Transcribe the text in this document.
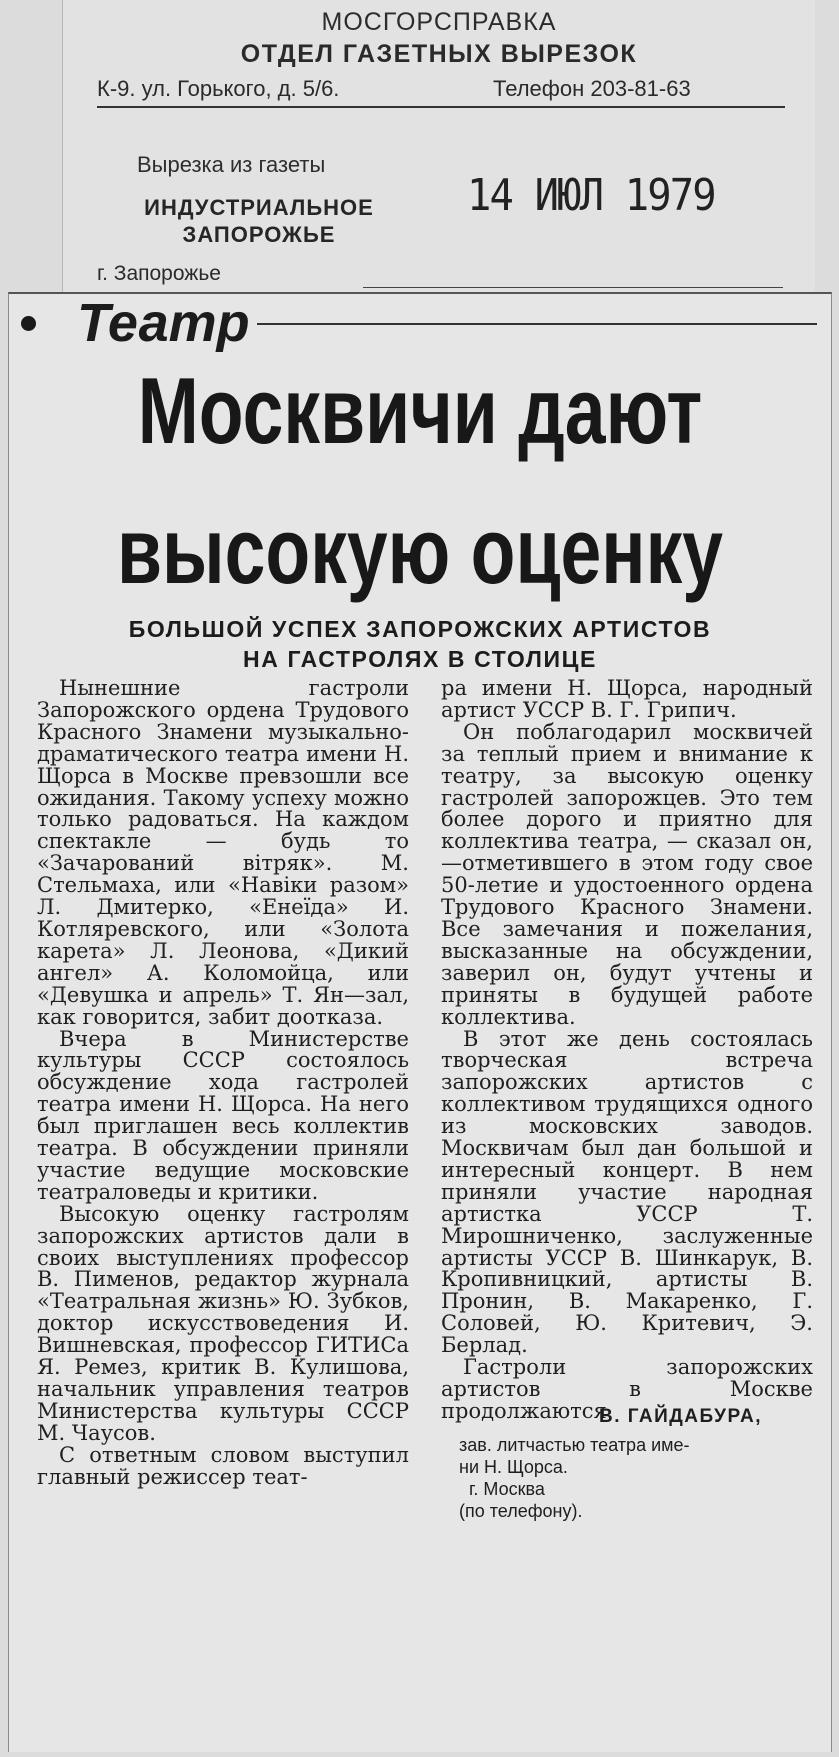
МОСГОРСПРАВКА
ОТДЕЛ ГАЗЕТНЫХ ВЫРЕЗОК
К-9. ул. Горького, д. 5/6.	Телефон 203-81-63
Вырезка из газеты
ИНДУСТРИАЛЬНОЕ
ЗАПОРОЖЬЕ
14 ИЮЛ 1979
г. Запорожье
Театр
Москвичи дают
высокую оценку
БОЛЬШОЙ УСПЕХ ЗАПОРОЖСКИХ АРТИСТОВ
НА ГАСТРОЛЯХ В СТОЛИЦЕ

Нынешние гастроли Запорожского ордена Трудового Красного Знамени музыкально-драматического театра имени Н. Щорса в Москве превзошли все ожидания. Такому успеху можно только радоваться. На каждом спектакле — будь то «Зачарований вітряк». М. Стельмаха, или «Навіки разом» Л. Дмитерко, «Енеїда» И. Котляревского, или «Золота карета» Л. Леонова, «Дикий ангел» А. Коломойца, или «Девушка и апрель» Т. Ян—зал, как говорится, забит доотказа.

Вчера в Министерстве культуры СССР состоялось обсуждение хода гастролей театра имени Н. Щорса. На него был приглашен весь коллектив театра. В обсуждении приняли участие ведущие московские театраловеды и критики.

Высокую оценку гастролям запорожских артистов дали в своих выступлениях профессор В. Пименов, редактор журнала «Театральная жизнь» Ю. Зубков, доктор искусствоведения И. Вишневская, профессор ГИТИСа Я. Ремез, критик В. Кулишова, начальник управления театров Министерства культуры СССР М. Чаусов.

С ответным словом выступил главный режиссер теат-

ра имени Н. Щорса, народный артист УССР В. Г. Грипич.

Он поблагодарил москвичей за теплый прием и внимание к театру, за высокую оценку гастролей запорожцев. Это тем более дорого и приятно для коллектива театра, — сказал он,—отметившего в этом году свое 50-летие и удостоенного ордена Трудового Красного Знамени. Все замечания и пожелания, высказанные на обсуждении, заверил он, будут учтены и приняты в будущей работе коллектива.

В этот же день состоялась творческая встреча запорожских артистов с коллективом трудящихся одного из московских заводов. Москвичам был дан большой и интересный концерт. В нем приняли участие народная артистка УССР Т. Мирошниченко, заслуженные артисты УССР В. Шинкарук, В. Кропивницкий, артисты В. Пронин, В. Макаренко, Г. Соловей, Ю. Критевич, Э. Берлад.

Гастроли запорожских артистов в Москве продолжаются.

В. ГАЙДАБУРА,
зав. литчастью театра име-
ни Н. Щорса.
г. Москва
(по телефону).
